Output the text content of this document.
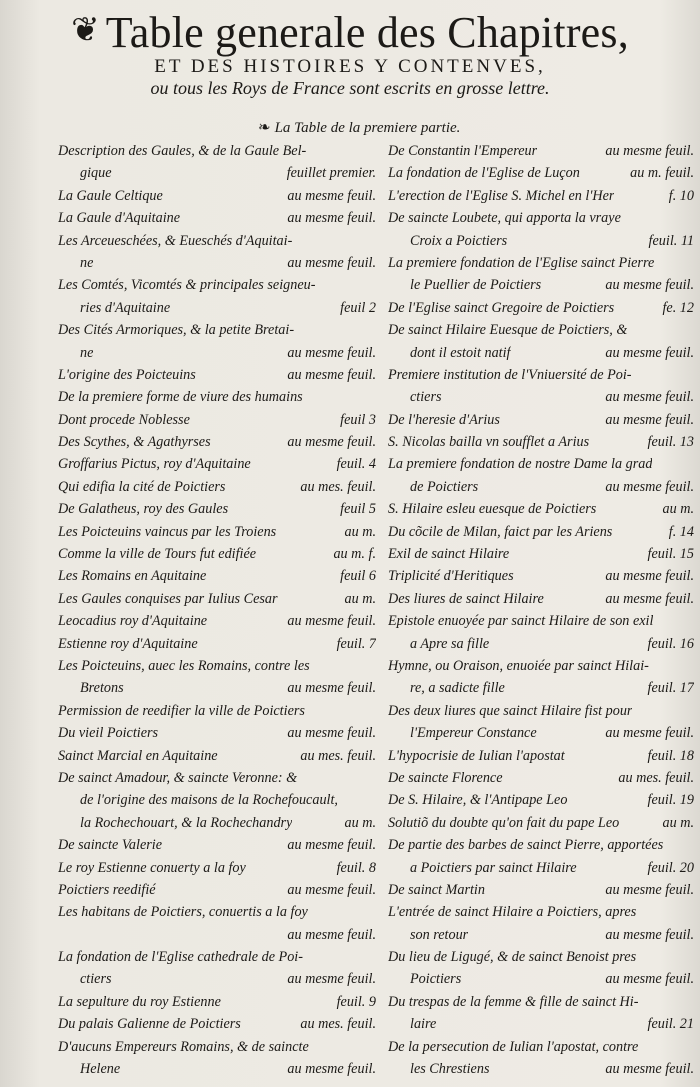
❦ Table generale des Chapitres,
ET DES HISTOIRES Y CONTENVES,
ou tous les Roys de France sont escrits en grosse lettre.
❧ La Table de la premiere partie.
Description des Gaules, & de la Gaule Bel-
gique	feuillet premier.
La Gaule Celtique	au mesme feuil.
La Gaule d'Aquitaine	au mesme feuil.
Les Arceueschées, & Eueschés d'Aquitai-
ne	au mesme feuil.
Les Comtés, Vicomtés & principales seigneu-
ries d'Aquitaine	feuil 2
Des Cités Armoriques, & la petite Bretai-
ne	au mesme feuil.
L'origine des Poicteuins	au mesme feuil.
De la premiere forme de viure des humains
Dont procede Noblesse	feuil 3
Des Scythes, & Agathyrses	au mesme feuil.
Groffarius Pictus, roy d'Aquitaine	feuil. 4
Qui edifia la cité de Poictiers	au mes. feuil.
De Galatheus, roy des Gaules	feuil 5
Les Poicteuins vaincus par les Troiens	au m.
Comme la ville de Tours fut edifiée	au m. f.
Les Romains en Aquitaine	feuil 6
Les Gaules conquises par Iulius Cesar	au m.
Leocadius roy d'Aquitaine	au mesme feuil.
Estienne roy d'Aquitaine	feuil. 7
Les Poicteuins, auec les Romains, contre les
Bretons	au mesme feuil.
Permission de reedifier la ville de Poictiers
Du vieil Poictiers	au mesme feuil.
Sainct Marcial en Aquitaine	au mes. feuil.
De sainct Amadour, & saincte Veronne: &
de l'origine des maisons de la Rochefoucault,
la Rochechouart, & la Rochechandry	au m.
De saincte Valerie	au mesme feuil.
Le roy Estienne conuerty a la foy	feuil. 8
Poictiers reedifié	au mesme feuil.
Les habitans de Poictiers, conuertis a la foy
au mesme feuil.
La fondation de l'Eglise cathedrale de Poi-
ctiers	au mesme feuil.
La sepulture du roy Estienne	feuil. 9
Du palais Galienne de Poictiers	au mes. feuil.
D'aucuns Empereurs Romains, & de saincte
Helene	au mesme feuil.
De Constantin l'Empereur	au mesme feuil.
La fondation de l'Eglise de Luçon	au m. feuil.
L'erection de l'Eglise S. Michel en l'Her	f. 10
De saincte Loubete, qui apporta la vraye
Croix a Poictiers	feuil. 11
La premiere fondation de l'Eglise sainct Pierre
le Puellier de Poictiers	au mesme feuil.
De l'Eglise sainct Gregoire de Poictiers	fe. 12
De sainct Hilaire Euesque de Poictiers, &
dont il estoit natif	au mesme feuil.
Premiere institution de l'Vniuersité de Poi-
ctiers	au mesme feuil.
De l'heresie d'Arius	au mesme feuil.
S. Nicolas bailla vn soufflet a Arius	feuil. 13
La premiere fondation de nostre Dame la grad
de Poictiers	au mesme feuil.
S. Hilaire esleu euesque de Poictiers	au m.
Du cõcile de Milan, faict par les Ariens	f. 14
Exil de sainct Hilaire	feuil. 15
Triplicité d'Heritiques	au mesme feuil.
Des liures de sainct Hilaire	au mesme feuil.
Epistole enuoyée par sainct Hilaire de son exil
a Apre sa fille	feuil. 16
Hymne, ou Oraison, enuoiée par sainct Hilai-
re, a sadicte fille	feuil. 17
Des deux liures que sainct Hilaire fist pour
l'Empereur Constance	au mesme feuil.
L'hypocrisie de Iulian l'apostat	feuil. 18
De saincte Florence	au mes. feuil.
De S. Hilaire, & l'Antipape Leo	feuil. 19
Solutiõ du doubte qu'on fait du pape Leo	au m.
De partie des barbes de sainct Pierre, apportées
a Poictiers par sainct Hilaire	feuil. 20
De sainct Martin	au mesme feuil.
L'entrée de sainct Hilaire a Poictiers, apres
son retour	au mesme feuil.
Du lieu de Ligugé, & de sainct Benoist pres
Poictiers	au mesme feuil.
Du trespas de la femme & fille de sainct Hi-
laire	feuil. 21
De la persecution de Iulian l'apostat, contre
les Chrestiens	au mesme feuil.
